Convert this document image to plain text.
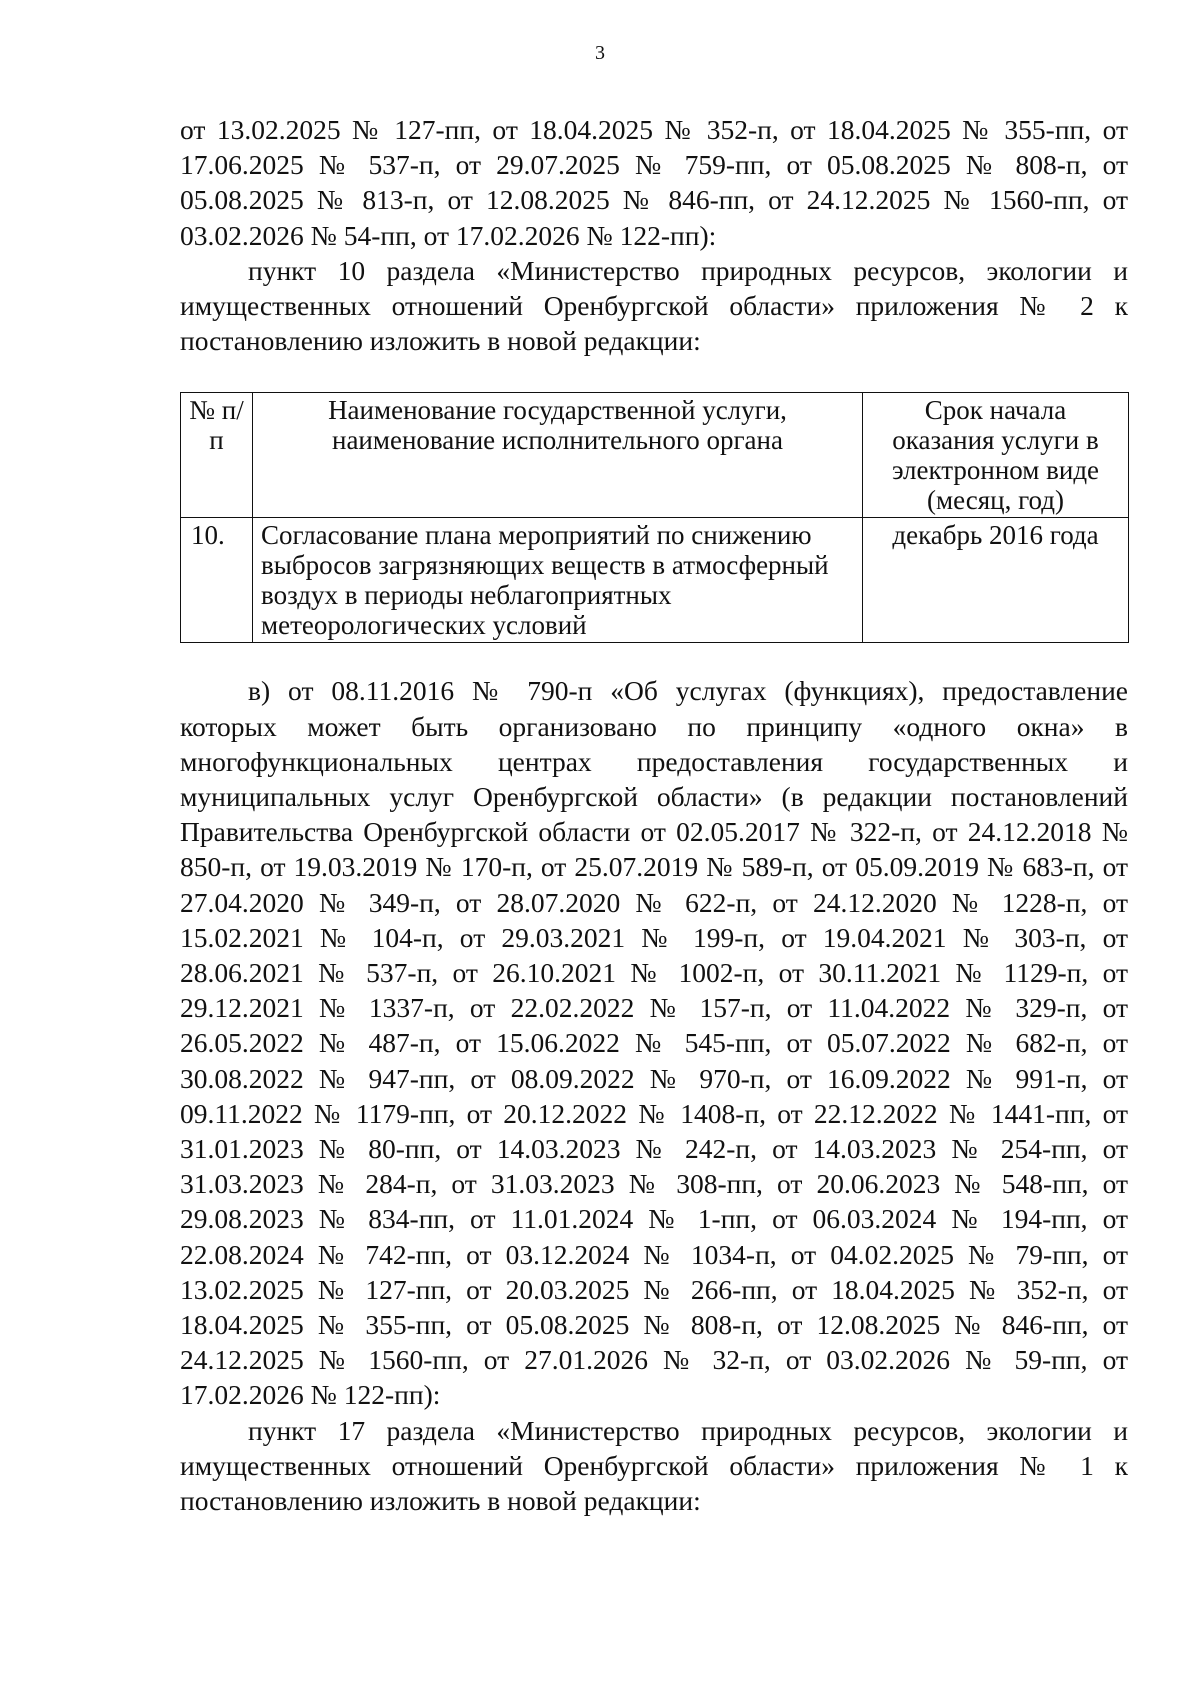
3

от 13.02.2025 № 127-пп, от 18.04.2025 № 352-п, от 18.04.2025 № 355-пп, от 17.06.2025 № 537-п, от 29.07.2025 № 759-пп, от 05.08.2025 № 808-п, от 05.08.2025 № 813-п, от 12.08.2025 № 846-пп, от 24.12.2025 № 1560-пп, от 03.02.2026 № 54-пп, от 17.02.2026 № 122-пп):

пункт 10 раздела «Министерство природных ресурсов, экологии и имущественных отношений Оренбургской области» приложения № 2 к постановлению изложить в новой редакции:

№ п/п	Наименование государственной услуги, наименование исполнительного органа	Срок начала оказания услуги в электронном виде (месяц, год)
10.	Согласование плана мероприятий по снижению выбросов загрязняющих веществ в атмосферный воздух в периоды неблагоприятных метеорологических условий	декабрь 2016 года

в) от 08.11.2016 № 790-п «Об услугах (функциях), предоставление которых может быть организовано по принципу «одного окна» в многофункциональных центрах предоставления государственных и муниципальных услуг Оренбургской области» (в редакции постановлений Правительства Оренбургской области от 02.05.2017 № 322-п, от 24.12.2018 № 850-п, от 19.03.2019 № 170-п, от 25.07.2019 № 589-п, от 05.09.2019 № 683-п, от 27.04.2020 № 349-п, от 28.07.2020 № 622-п, от 24.12.2020 № 1228-п, от 15.02.2021 № 104-п, от 29.03.2021 № 199-п, от 19.04.2021 № 303-п, от 28.06.2021 № 537-п, от 26.10.2021 № 1002-п, от 30.11.2021 № 1129-п, от 29.12.2021 № 1337-п, от 22.02.2022 № 157-п, от 11.04.2022 № 329-п, от 26.05.2022 № 487-п, от 15.06.2022 № 545-пп, от 05.07.2022 № 682-п, от 30.08.2022 № 947-пп, от 08.09.2022 № 970-п, от 16.09.2022 № 991-п, от 09.11.2022 № 1179-пп, от 20.12.2022 № 1408-п, от 22.12.2022 № 1441-пп, от 31.01.2023 № 80-пп, от 14.03.2023 № 242-п, от 14.03.2023 № 254-пп, от 31.03.2023 № 284-п, от 31.03.2023 № 308-пп, от 20.06.2023 № 548-пп, от 29.08.2023 № 834-пп, от 11.01.2024 № 1-пп, от 06.03.2024 № 194-пп, от 22.08.2024 № 742-пп, от 03.12.2024 № 1034-п, от 04.02.2025 № 79-пп, от 13.02.2025 № 127-пп, от 20.03.2025 № 266-пп, от 18.04.2025 № 352-п, от 18.04.2025 № 355-пп, от 05.08.2025 № 808-п, от 12.08.2025 № 846-пп, от 24.12.2025 № 1560-пп, от 27.01.2026 № 32-п, от 03.02.2026 № 59-пп, от 17.02.2026 № 122-пп):

пункт 17 раздела «Министерство природных ресурсов, экологии и имущественных отношений Оренбургской области» приложения № 1 к постановлению изложить в новой редакции:
